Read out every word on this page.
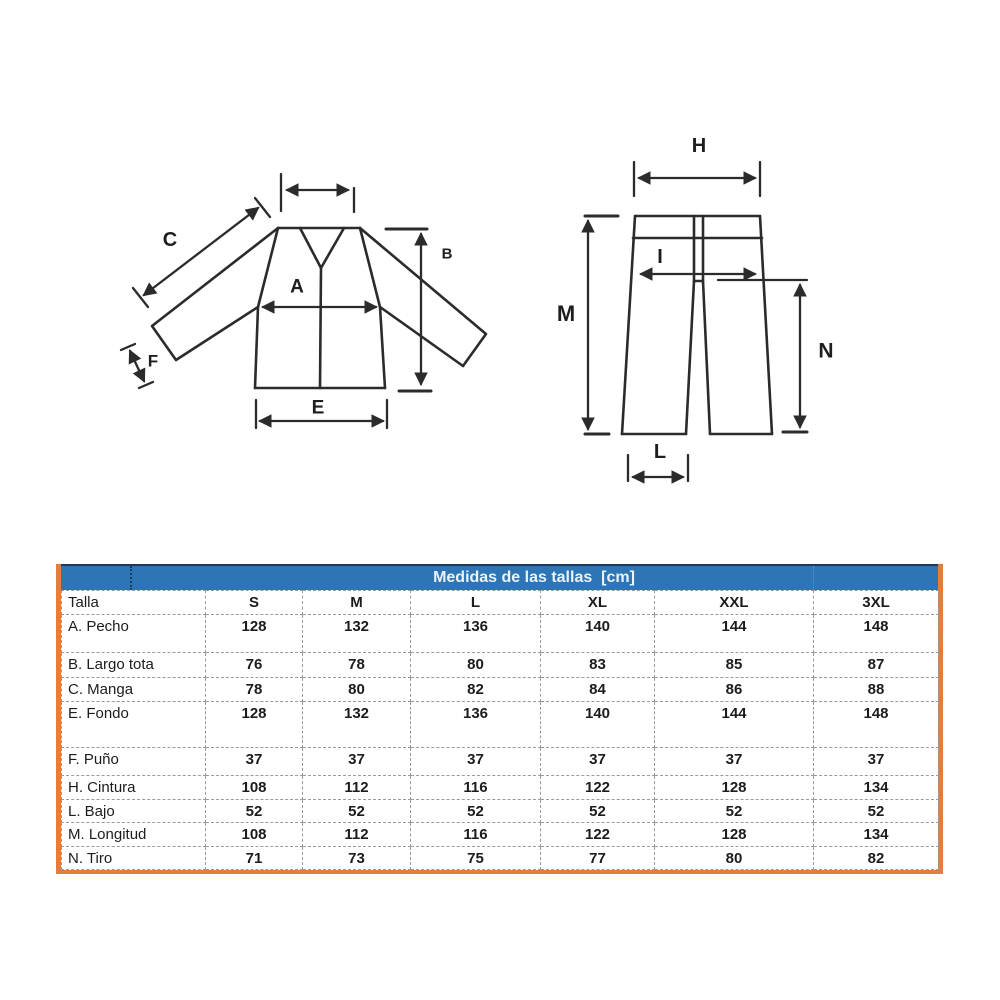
C
A
B
F
E
H
M
I
N
L
Medidas de las tallas  [cm]
Talla	S	M	L	XL	XXL	3XL
A. Pecho	128	132	136	140	144	148
B. Largo tota	76	78	80	83	85	87
C. Manga	78	80	82	84	86	88
E. Fondo	128	132	136	140	144	148
F. Puño	37	37	37	37	37	37
H. Cintura	108	112	116	122	128	134
L. Bajo	52	52	52	52	52	52
M. Longitud	108	112	116	122	128	134
N. Tiro	71	73	75	77	80	82
